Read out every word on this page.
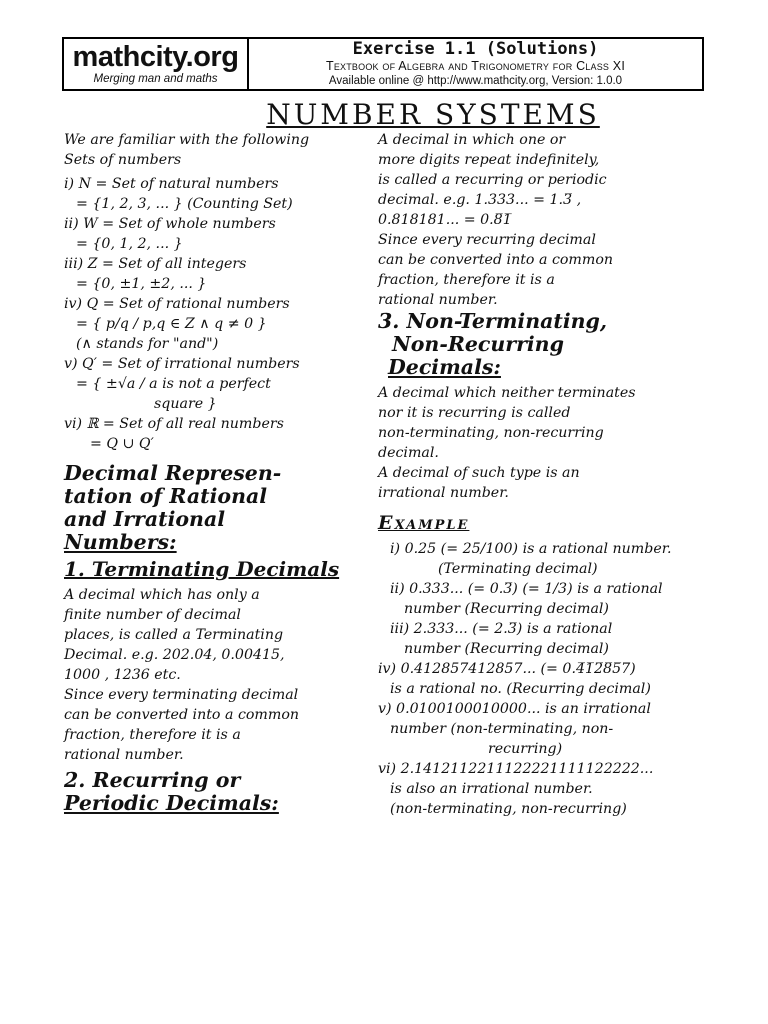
mathcity.org
Merging man and maths
Exercise 1.1 (Solutions)
Textbook of Algebra and Trigonometry for Class XI
Available online @ http://www.mathcity.org, Version: 1.0.0
NUMBER SYSTEMS
We are familiar with the following
Sets of numbers
i) N = Set of natural numbers
= {1, 2, 3, ... } (Counting Set)
ii) W = Set of whole numbers
= {0, 1, 2, ... }
iii) Z = Set of all integers
= {0, ±1, ±2, ... }
iv) Q = Set of rational numbers
= { p/q / p,q ∈ Z ∧ q ≠ 0 }
(∧ stands for "and")
v) Q′ = Set of irrational numbers
= { ±√a / a is not a perfect
square }
vi) ℝ = Set of all real numbers
= Q ∪ Q′
Decimal Represen-
tation of Rational
and Irrational
Numbers:
1. Terminating Decimals
A decimal which has only a
finite number of decimal
places, is called a Terminating
Decimal. e.g. 202.04, 0.00415,
1000 , 1236 etc.
Since every terminating decimal
can be converted into a common
fraction, therefore it is a
rational number.
2. Recurring or
Periodic Decimals:
A decimal in which one or
more digits repeat indefinitely,
is called a recurring or periodic
decimal. e.g. 1.333... = 1.3̅ ,
0.818181... = 0.8̅1̅
Since every recurring decimal
can be converted into a common
fraction, therefore it is a
rational number.
3. Non-Terminating,
Non-Recurring
Decimals:
A decimal which neither terminates
nor it is recurring is called
non-terminating, non-recurring
decimal.
A decimal of such type is an
irrational number.
Example
i) 0.25 (= 25/100) is a rational number.
(Terminating decimal)
ii) 0.333... (= 0.3̅) (= 1/3) is a rational
number (Recurring decimal)
iii) 2.333... (= 2.3̅) is a rational
number (Recurring decimal)
iv) 0.412857412857... (= 0.4̅1̅2̅8̅5̅7̅)
is a rational no. (Recurring decimal)
v) 0.0100100010000... is an irrational
number (non-terminating, non-
recurring)
vi) 2.1412112211122221111122222...
is also an irrational number.
(non-terminating, non-recurring)
